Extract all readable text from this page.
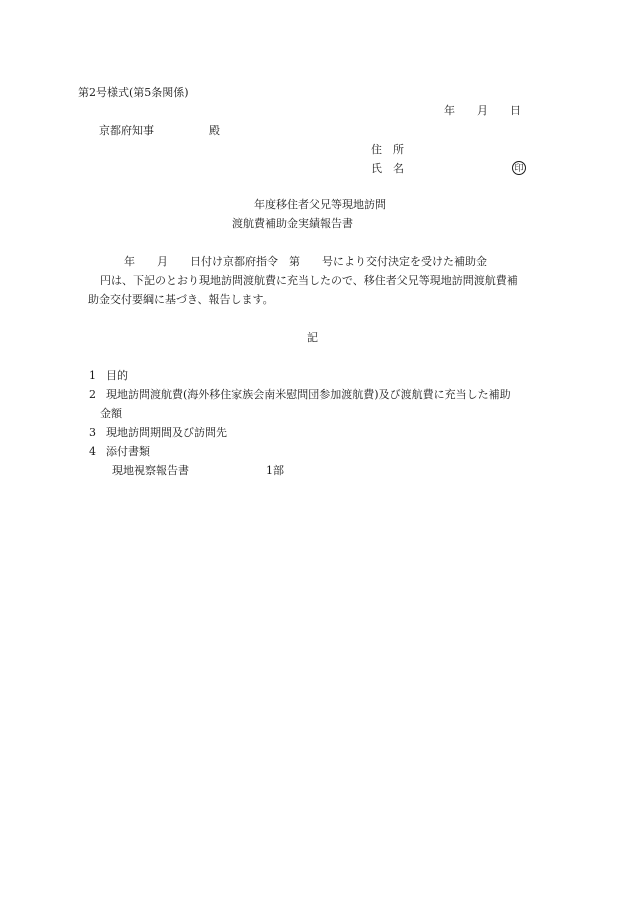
第2号様式(第5条関係)
年　　月　　日
京都府知事　　　　　殿
住　所
氏　名	印
年度移住者父兄等現地訪問
渡航費補助金実績報告書
年　　月　　日付け京都府指令　第　　号により交付決定を受けた補助金
円は、下記のとおり現地訪問渡航費に充当したので、移住者父兄等現地訪問渡航費補
助金交付要綱に基づき、報告します。
記
1 目的
2 現地訪問渡航費(海外移住家族会南米慰問団参加渡航費)及び渡航費に充当した補助
金額
3 現地訪問期間及び訪問先
4 添付書類
現地視察報告書	1部
